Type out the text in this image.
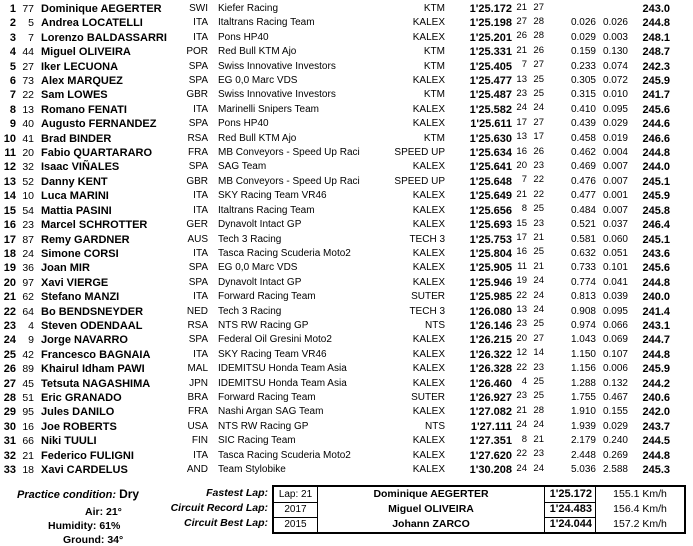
1 77 Dominique AEGERTER	SWI Kiefer Racing	KTM	1'25.172 21 27	243.0
2	5 Andrea LOCATELLI	ITA Italtrans Racing Team	KALEX	1'25.198 27 28	0.026 0.026	244.8
3	7 Lorenzo BALDASSARRI	ITA Pons HP40	KALEX	1'25.201 26 28	0.029 0.003	248.1
4 44 Miguel OLIVEIRA	POR Red Bull KTM Ajo	KTM	1'25.331 21 26	0.159 0.130	248.7
5 27 Iker LECUONA	SPA Swiss Innovative Investors	KTM	1'25.405	7 27	0.233 0.074	242.3
6 73 Alex MARQUEZ	SPA EG 0,0 Marc VDS	KALEX	1'25.477 13 25	0.305 0.072	245.9
7 22 Sam LOWES	GBR Swiss Innovative Investors	KTM	1'25.487 23 25	0.315 0.010	241.7
8 13 Romano FENATI	ITA Marinelli Snipers Team	KALEX	1'25.582 24 24	0.410 0.095	245.6
9 40 Augusto FERNANDEZ	SPA Pons HP40	KALEX	1'25.611 17 27	0.439 0.029	244.6
10 41 Brad BINDER	RSA Red Bull KTM Ajo	KTM	1'25.630 13 17	0.458 0.019	246.6
11 20 Fabio QUARTARARO	FRA MB Conveyors - Speed Up Raci	SPEED UP	1'25.634 16 26	0.462 0.004	244.8
12 32 Isaac VIÑALES	SPA SAG Team	KALEX	1'25.641 20 23	0.469 0.007	244.0
13 52 Danny KENT	GBR MB Conveyors - Speed Up Raci	SPEED UP	1'25.648	7 22	0.476 0.007	245.1
14 10 Luca MARINI	ITA SKY Racing Team VR46	KALEX	1'25.649 21 22	0.477 0.001	245.9
15 54 Mattia PASINI	ITA Italtrans Racing Team	KALEX	1'25.656	8 25	0.484 0.007	245.8
16 23 Marcel SCHROTTER	GER Dynavolt Intact GP	KALEX	1'25.693 15 23	0.521 0.037	246.4
17 87 Remy GARDNER	AUS Tech 3 Racing	TECH 3	1'25.753 17 21	0.581 0.060	245.1
18 24 Simone CORSI	ITA Tasca Racing Scuderia Moto2	KALEX	1'25.804 16 25	0.632 0.051	243.6
19 36 Joan MIR	SPA EG 0,0 Marc VDS	KALEX	1'25.905 11 21	0.733 0.101	245.6
20 97 Xavi VIERGE	SPA Dynavolt Intact GP	KALEX	1'25.946 19 24	0.774 0.041	244.8
21 62 Stefano MANZI	ITA Forward Racing Team	SUTER	1'25.985 22 24	0.813 0.039	240.0
22 64 Bo BENDSNEYDER	NED Tech 3 Racing	TECH 3	1'26.080 13 24	0.908 0.095	241.4
23	4 Steven ODENDAAL	RSA NTS RW Racing GP	NTS	1'26.146 23 25	0.974 0.066	243.1
24	9 Jorge NAVARRO	SPA Federal Oil Gresini Moto2	KALEX	1'26.215 20 27	1.043 0.069	244.7
25 42 Francesco BAGNAIA	ITA SKY Racing Team VR46	KALEX	1'26.322 12 14	1.150 0.107	244.8
26 89 Khairul Idham PAWI	MAL IDEMITSU Honda Team Asia	KALEX	1'26.328 22 23	1.156 0.006	245.9
27 45 Tetsuta NAGASHIMA	JPN IDEMITSU Honda Team Asia	KALEX	1'26.460	4 25	1.288 0.132	244.2
28 51 Eric GRANADO	BRA Forward Racing Team	SUTER	1'26.927 23 25	1.755 0.467	240.6
29 95 Jules DANILO	FRA Nashi Argan SAG Team	KALEX	1'27.082 21 28	1.910 0.155	242.0
30 16 Joe ROBERTS	USA NTS RW Racing GP	NTS	1'27.111 24 24	1.939 0.029	243.7
31 66 Niki TUULI	FIN SIC Racing Team	KALEX	1'27.351	8 21	2.179 0.240	244.5
32 21 Federico FULIGNI	ITA Tasca Racing Scuderia Moto2	KALEX	1'27.620 22 23	2.448 0.269	244.8
33 18 Xavi CARDELUS	AND Team Stylobike	KALEX	1'30.208 24 24	5.036 2.588	245.3
Practice condition: Dry
Air: 21°
Humidity: 61%
Ground: 34°
Fastest Lap:
Circuit Record Lap:
Circuit Best Lap:
Lap: 21	Dominique AEGERTER	1'25.172	155.1 Km/h
2017	Miguel OLIVEIRA	1'24.483	156.4 Km/h
2015	Johann ZARCO	1'24.044	157.2 Km/h
